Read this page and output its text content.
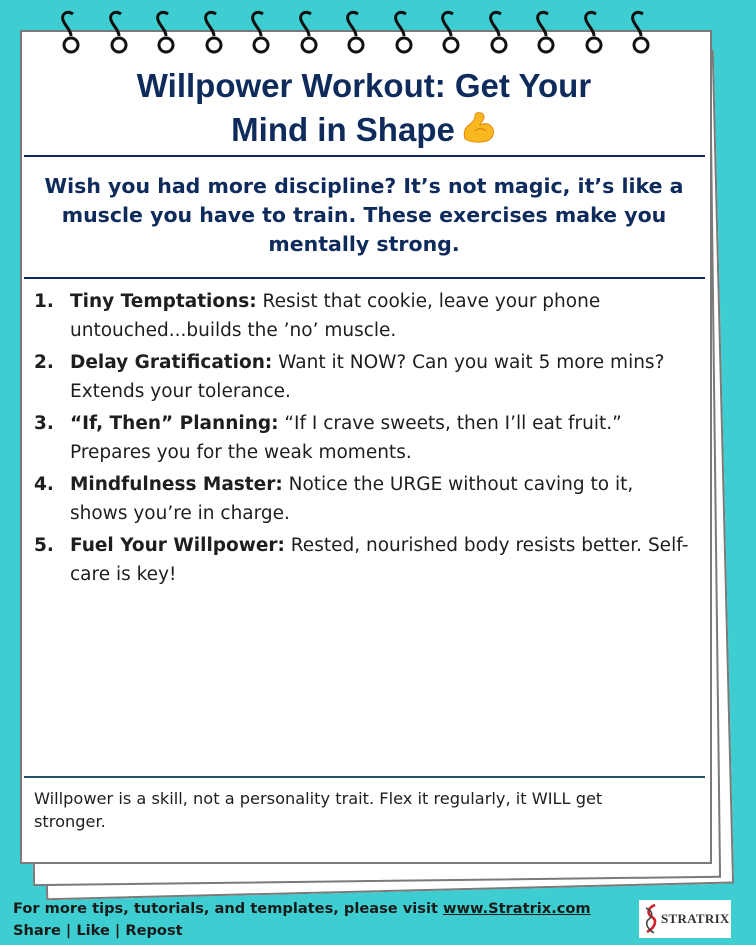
Willpower Workout: Get Your
Mind in Shape
Wish you had more discipline? It’s not magic, it’s like a muscle you have to train. These exercises make you mentally strong.
1. Tiny Temptations: Resist that cookie, leave your phone untouched...builds the ’no’ muscle.
2. Delay Gratification: Want it NOW? Can you wait 5 more mins? Extends your tolerance.
3. “If, Then” Planning: “If I crave sweets, then I’ll eat fruit.” Prepares you for the weak moments.
4. Mindfulness Master: Notice the URGE without caving to it, shows you’re in charge.
5. Fuel Your Willpower: Rested, nourished body resists better. Self-care is key!
Willpower is a skill, not a personality trait. Flex it regularly, it WILL get stronger.
For more tips, tutorials, and templates, please visit www.Stratrix.com
Share | Like | Repost
STRATRIX
